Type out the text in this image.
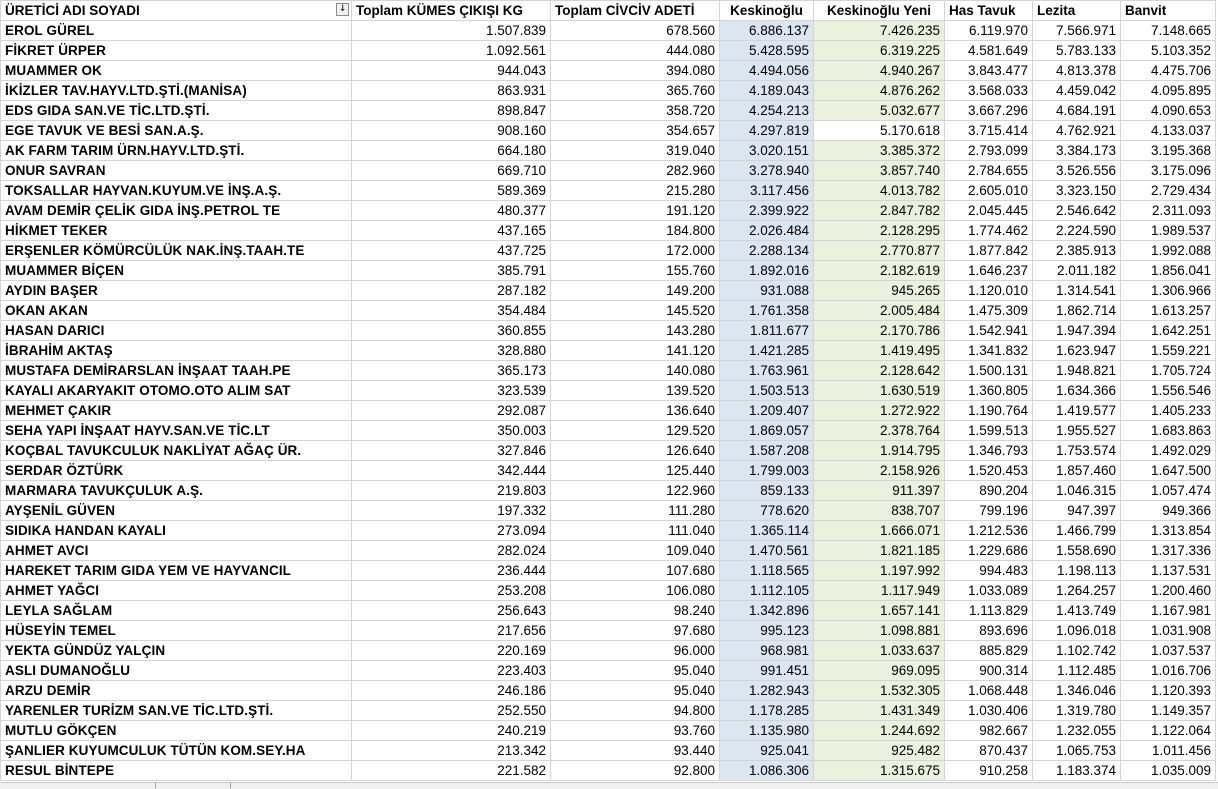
ÜRETİCİ ADI SOYADI ↓	Toplam KÜMES ÇIKIŞI KG	Toplam CİVCİV ADETİ	Keskinoğlu	Keskinoğlu Yeni	Has Tavuk	Lezita	Banvit
EROL GÜREL	1.507.839	678.560	6.886.137	7.426.235	6.119.970	7.566.971	7.148.665
FİKRET ÜRPER	1.092.561	444.080	5.428.595	6.319.225	4.581.649	5.783.133	5.103.352
MUAMMER OK	944.043	394.080	4.494.056	4.940.267	3.843.477	4.813.378	4.475.706
İKİZLER TAV.HAYV.LTD.ŞTİ.(MANİSA)	863.931	365.760	4.189.043	4.876.262	3.568.033	4.459.042	4.095.895
EDS GIDA SAN.VE TİC.LTD.ŞTİ.	898.847	358.720	4.254.213	5.032.677	3.667.296	4.684.191	4.090.653
EGE TAVUK VE BESİ SAN.A.Ş.	908.160	354.657	4.297.819	5.170.618	3.715.414	4.762.921	4.133.037
AK FARM TARIM ÜRN.HAYV.LTD.ŞTİ.	664.180	319.040	3.020.151	3.385.372	2.793.099	3.384.173	3.195.368
ONUR SAVRAN	669.710	282.960	3.278.940	3.857.740	2.784.655	3.526.556	3.175.096
TOKSALLAR HAYVAN.KUYUM.VE İNŞ.A.Ş.	589.369	215.280	3.117.456	4.013.782	2.605.010	3.323.150	2.729.434
AVAM DEMİR ÇELİK GIDA İNŞ.PETROL TE	480.377	191.120	2.399.922	2.847.782	2.045.445	2.546.642	2.311.093
HİKMET TEKER	437.165	184.800	2.026.484	2.128.295	1.774.462	2.224.590	1.989.537
ERŞENLER KÖMÜRCÜLÜK NAK.İNŞ.TAAH.TE	437.725	172.000	2.288.134	2.770.877	1.877.842	2.385.913	1.992.088
MUAMMER BİÇEN	385.791	155.760	1.892.016	2.182.619	1.646.237	2.011.182	1.856.041
AYDIN BAŞER	287.182	149.200	931.088	945.265	1.120.010	1.314.541	1.306.966
OKAN AKAN	354.484	145.520	1.761.358	2.005.484	1.475.309	1.862.714	1.613.257
HASAN DARICI	360.855	143.280	1.811.677	2.170.786	1.542.941	1.947.394	1.642.251
İBRAHİM AKTAŞ	328.880	141.120	1.421.285	1.419.495	1.341.832	1.623.947	1.559.221
MUSTAFA DEMİRARSLAN İNŞAAT TAAH.PE	365.173	140.080	1.763.961	2.128.642	1.500.131	1.948.821	1.705.724
KAYALI AKARYAKIT OTOMO.OTO ALIM SAT	323.539	139.520	1.503.513	1.630.519	1.360.805	1.634.366	1.556.546
MEHMET ÇAKIR	292.087	136.640	1.209.407	1.272.922	1.190.764	1.419.577	1.405.233
SEHA YAPI İNŞAAT HAYV.SAN.VE TİC.LT	350.003	129.520	1.869.057	2.378.764	1.599.513	1.955.527	1.683.863
KOÇBAL TAVUKCULUK NAKLİYAT AĞAÇ ÜR.	327.846	126.640	1.587.208	1.914.795	1.346.793	1.753.574	1.492.029
SERDAR ÖZTÜRK	342.444	125.440	1.799.003	2.158.926	1.520.453	1.857.460	1.647.500
MARMARA TAVUKÇULUK A.Ş.	219.803	122.960	859.133	911.397	890.204	1.046.315	1.057.474
AYŞENİL GÜVEN	197.332	111.280	778.620	838.707	799.196	947.397	949.366
SIDIKA HANDAN KAYALI	273.094	111.040	1.365.114	1.666.071	1.212.536	1.466.799	1.313.854
AHMET AVCI	282.024	109.040	1.470.561	1.821.185	1.229.686	1.558.690	1.317.336
HAREKET TARIM GIDA YEM VE HAYVANCIL	236.444	107.680	1.118.565	1.197.992	994.483	1.198.113	1.137.531
AHMET YAĞCI	253.208	106.080	1.112.105	1.117.949	1.033.089	1.264.257	1.200.460
LEYLA SAĞLAM	256.643	98.240	1.342.896	1.657.141	1.113.829	1.413.749	1.167.981
HÜSEYİN TEMEL	217.656	97.680	995.123	1.098.881	893.696	1.096.018	1.031.908
YEKTA GÜNDÜZ YALÇIN	220.169	96.000	968.981	1.033.637	885.829	1.102.742	1.037.537
ASLI DUMANOĞLU	223.403	95.040	991.451	969.095	900.314	1.112.485	1.016.706
ARZU DEMİR	246.186	95.040	1.282.943	1.532.305	1.068.448	1.346.046	1.120.393
YARENLER TURİZM SAN.VE TİC.LTD.ŞTİ.	252.550	94.800	1.178.285	1.431.349	1.030.406	1.319.780	1.149.357
MUTLU GÖKÇEN	240.219	93.760	1.135.980	1.244.692	982.667	1.232.055	1.122.064
ŞANLIER KUYUMCULUK TÜTÜN KOM.SEY.HA	213.342	93.440	925.041	925.482	870.437	1.065.753	1.011.456
RESUL BİNTEPE	221.582	92.800	1.086.306	1.315.675	910.258	1.183.374	1.035.009
